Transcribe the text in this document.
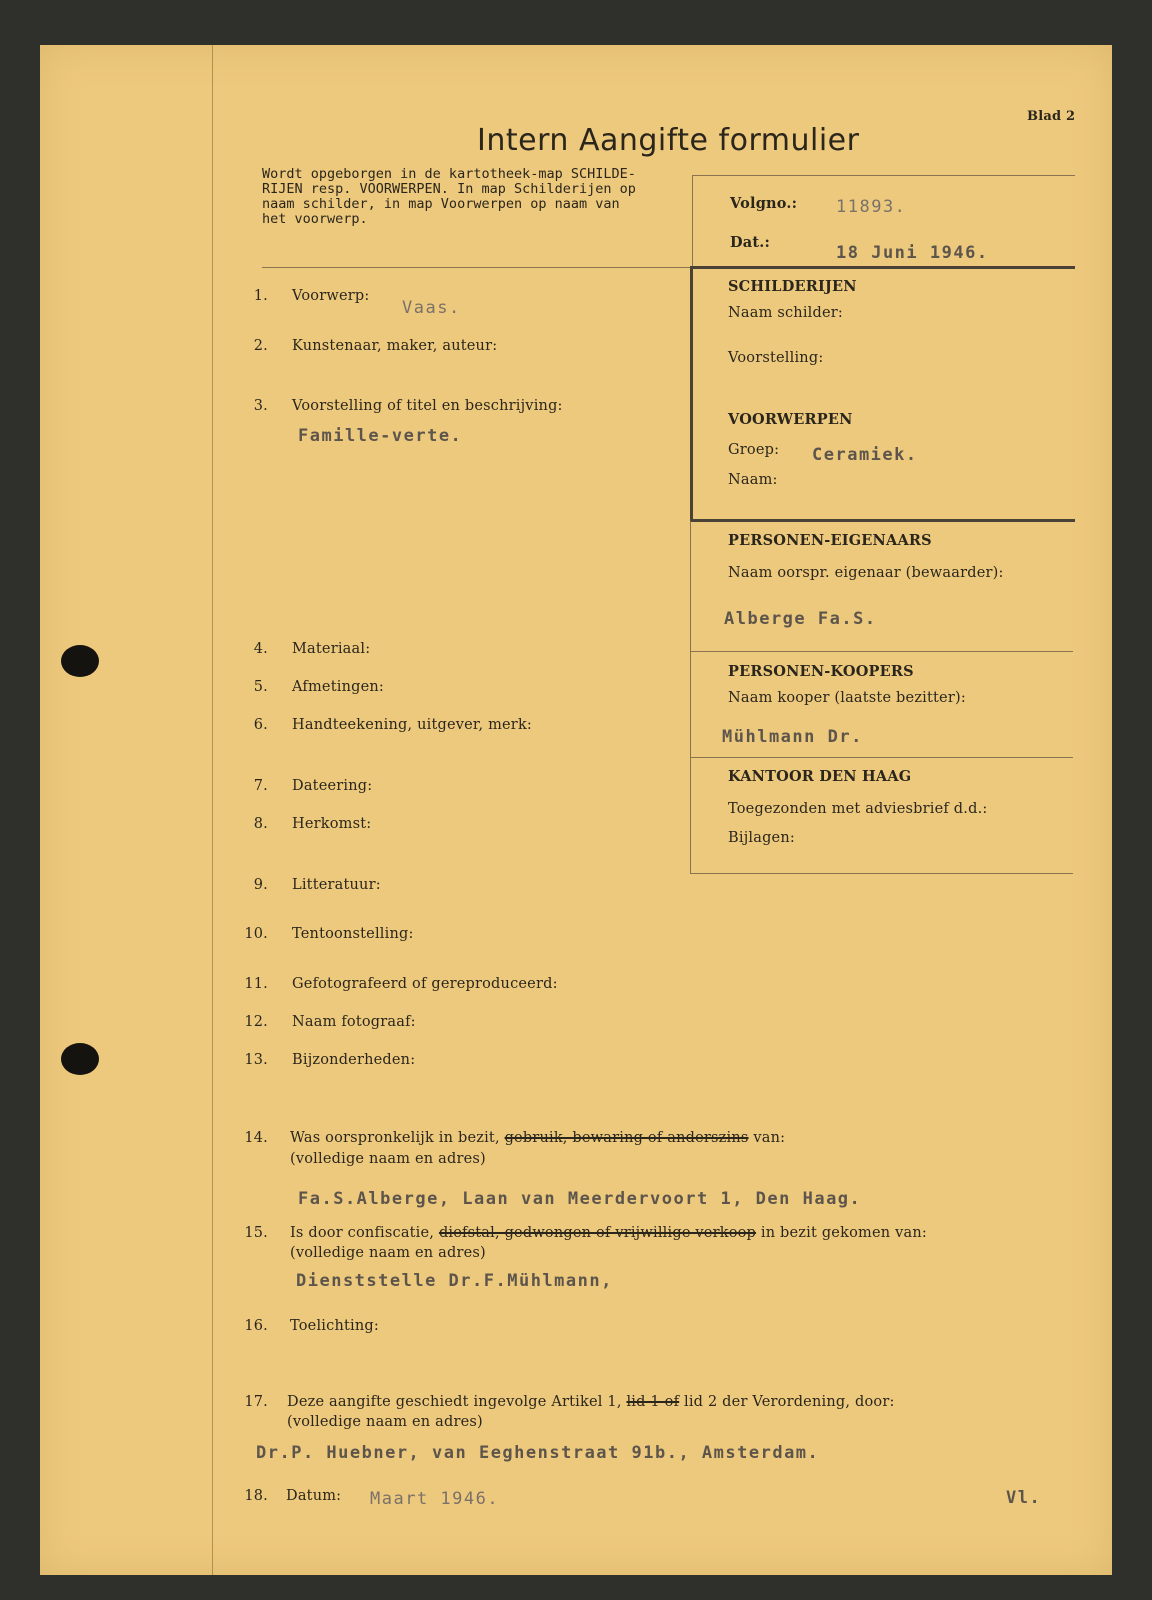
Blad 2
Intern Aangifte formulier
Wordt opgeborgen in de kartotheek-map SCHILDE-
RIJEN resp. VOORWERPEN. In map Schilderijen op
naam schilder, in map Voorwerpen op naam van
het voorwerp.
Volgno.: 11893.
Dat.:
18 Juni 1946.
SCHILDERIJEN
Naam schilder:
Voorstelling:
VOORWERPEN
Groep: Ceramiek.
Naam:
PERSONEN-EIGENAARS
Naam oorspr. eigenaar (bewaarder):
Alberge Fa.S.
PERSONEN-KOOPERS
Naam kooper (laatste bezitter):
Mühlmann Dr.
KANTOOR DEN HAAG
Toegezonden met adviesbrief d.d.:
Bijlagen:
1. Voorwerp:
Vaas.
2. Kunstenaar, maker, auteur:
3. Voorstelling of titel en beschrijving:
Famille-verte.
4. Materiaal:
5. Afmetingen:
6. Handteekening, uitgever, merk:
7. Dateering:
8. Herkomst:
9. Litteratuur:
10. Tentoonstelling:
11. Gefotografeerd of gereproduceerd:
12. Naam fotograaf:
13. Bijzonderheden:
14. Was oorspronkelijk in bezit, gebruik, bewaring of anderszins van:
(volledige naam en adres)
Fa.S.Alberge, Laan van Meerdervoort 1, Den Haag.
15. Is door confiscatie, diefstal, gedwongen of vrijwillige verkoop in bezit gekomen van:
(volledige naam en adres)
Dienststelle Dr.F.Mühlmann,
16. Toelichting:
17. Deze aangifte geschiedt ingevolge Artikel 1, lid 1 of lid 2 der Verordening, door:
(volledige naam en adres)
Dr.P. Huebner, van Eeghenstraat 91b., Amsterdam.
18. Datum: Maart 1946.	Vl.
